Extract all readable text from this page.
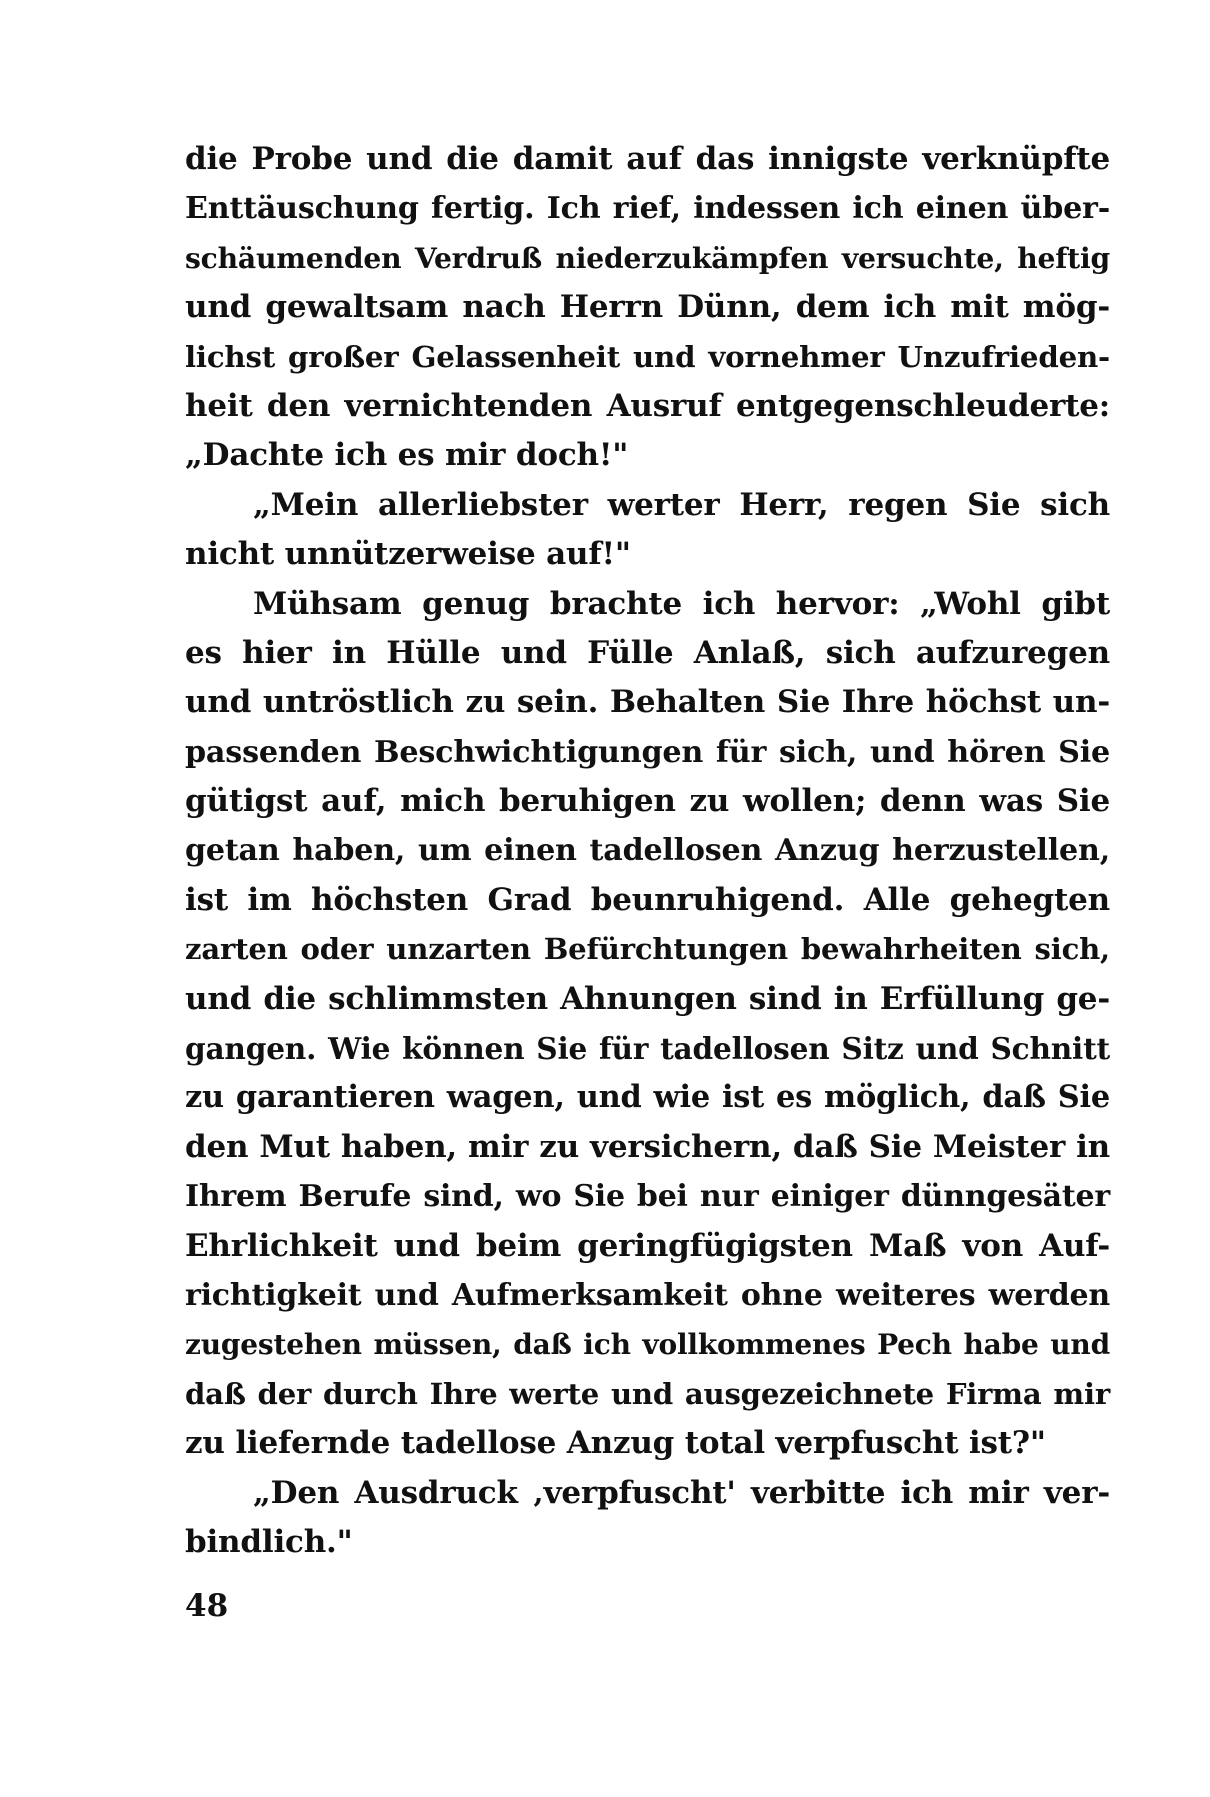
die Probe und die damit auf das innigste verknüpfte
Enttäuschung fertig. Ich rief, indessen ich einen über-
schäumenden Verdruß niederzukämpfen versuchte, heftig
und gewaltsam nach Herrn Dünn, dem ich mit mög-
lichst großer Gelassenheit und vornehmer Unzufrieden-
heit den vernichtenden Ausruf entgegenschleuderte:
„Dachte ich es mir doch!"
„Mein allerliebster werter Herr, regen Sie sich
nicht unnützerweise auf!"
Mühsam genug brachte ich hervor: „Wohl gibt
es hier in Hülle und Fülle Anlaß, sich aufzuregen
und untröstlich zu sein. Behalten Sie Ihre höchst un-
passenden Beschwichtigungen für sich, und hören Sie
gütigst auf, mich beruhigen zu wollen; denn was Sie
getan haben, um einen tadellosen Anzug herzustellen,
ist im höchsten Grad beunruhigend. Alle gehegten
zarten oder unzarten Befürchtungen bewahrheiten sich,
und die schlimmsten Ahnungen sind in Erfüllung ge-
gangen. Wie können Sie für tadellosen Sitz und Schnitt
zu garantieren wagen, und wie ist es möglich, daß Sie
den Mut haben, mir zu versichern, daß Sie Meister in
Ihrem Berufe sind, wo Sie bei nur einiger dünngesäter
Ehrlichkeit und beim geringfügigsten Maß von Auf-
richtigkeit und Aufmerksamkeit ohne weiteres werden
zugestehen müssen, daß ich vollkommenes Pech habe und
daß der durch Ihre werte und ausgezeichnete Firma mir
zu liefernde tadellose Anzug total verpfuscht ist?"
„Den Ausdruck ‚verpfuscht' verbitte ich mir ver-
bindlich."
48
